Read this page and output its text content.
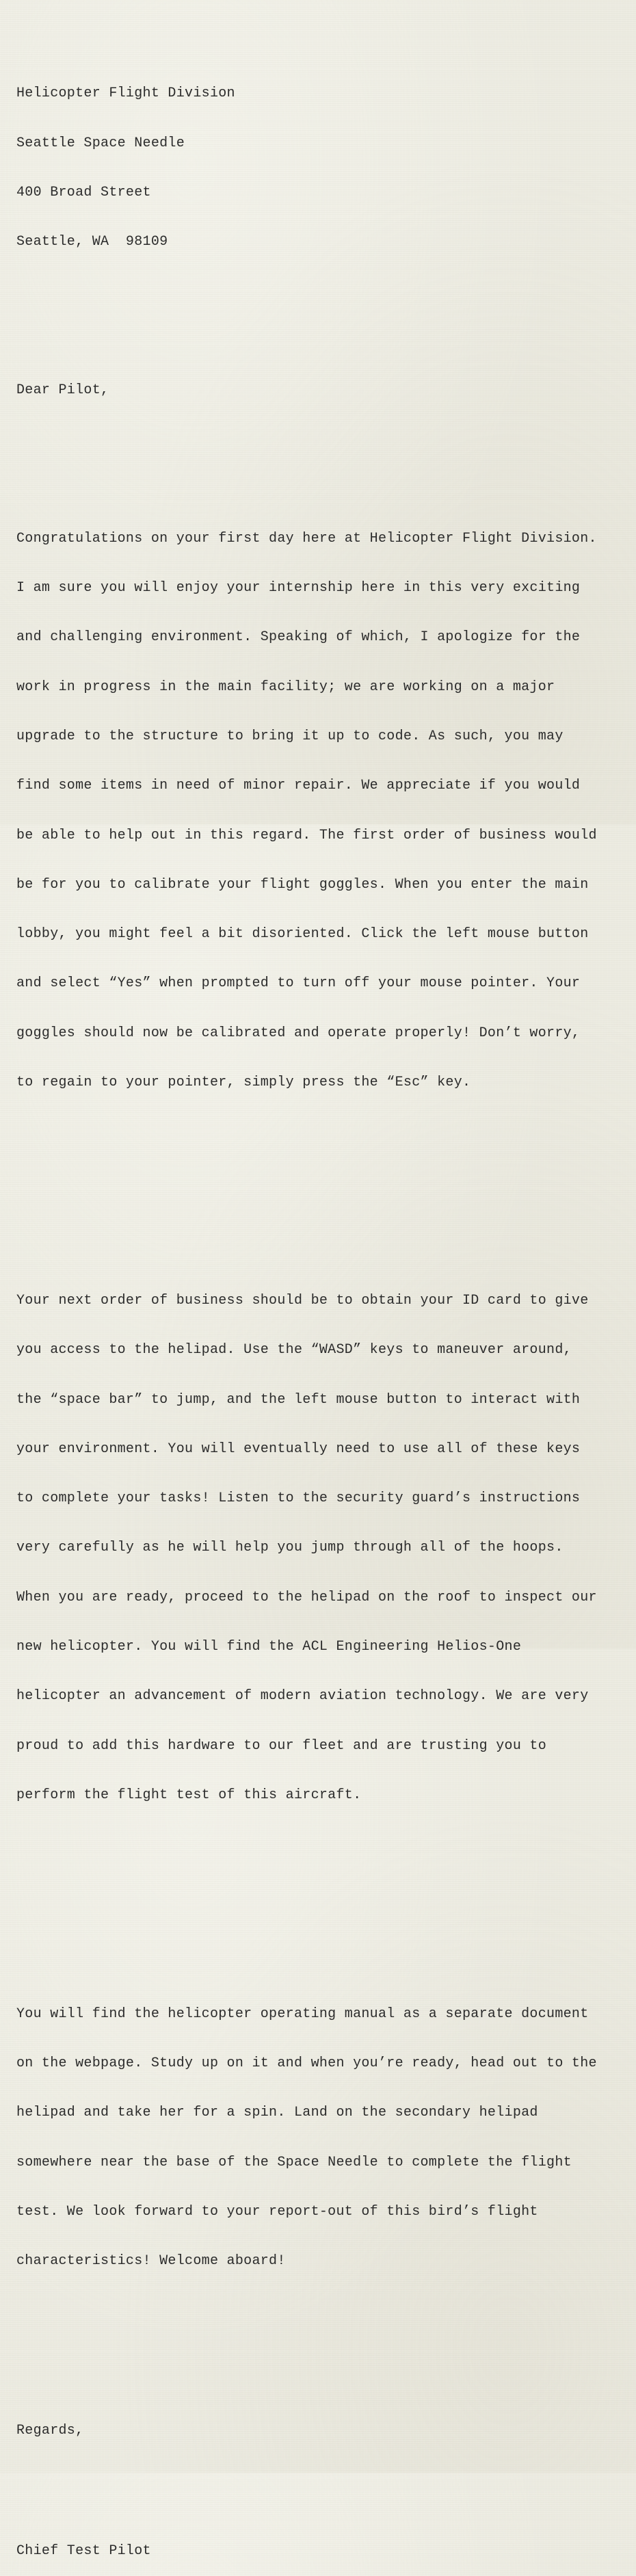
Helicopter Flight Division

Seattle Space Needle

400 Broad Street

Seattle, WA  98109

Dear Pilot,

Congratulations on your first day here at Helicopter Flight Division.

I am sure you will enjoy your internship here in this very exciting

and challenging environment. Speaking of which, I apologize for the

work in progress in the main facility; we are working on a major

upgrade to the structure to bring it up to code. As such, you may

find some items in need of minor repair. We appreciate if you would

be able to help out in this regard. The first order of business would

be for you to calibrate your flight goggles. When you enter the main

lobby, you might feel a bit disoriented. Click the left mouse button

and select “Yes” when prompted to turn off your mouse pointer. Your

goggles should now be calibrated and operate properly! Don’t worry,

to regain to your pointer, simply press the “Esc” key.

Your next order of business should be to obtain your ID card to give

you access to the helipad. Use the “WASD” keys to maneuver around,

the “space bar” to jump, and the left mouse button to interact with

your environment. You will eventually need to use all of these keys

to complete your tasks! Listen to the security guard’s instructions

very carefully as he will help you jump through all of the hoops.

When you are ready, proceed to the helipad on the roof to inspect our

new helicopter. You will find the ACL Engineering Helios-One

helicopter an advancement of modern aviation technology. We are very

proud to add this hardware to our fleet and are trusting you to

perform the flight test of this aircraft.

You will find the helicopter operating manual as a separate document

on the webpage. Study up on it and when you’re ready, head out to the

helipad and take her for a spin. Land on the secondary helipad

somewhere near the base of the Space Needle to complete the flight

test. We look forward to your report-out of this bird’s flight

characteristics! Welcome aboard!

Regards,

Chief Test Pilot
